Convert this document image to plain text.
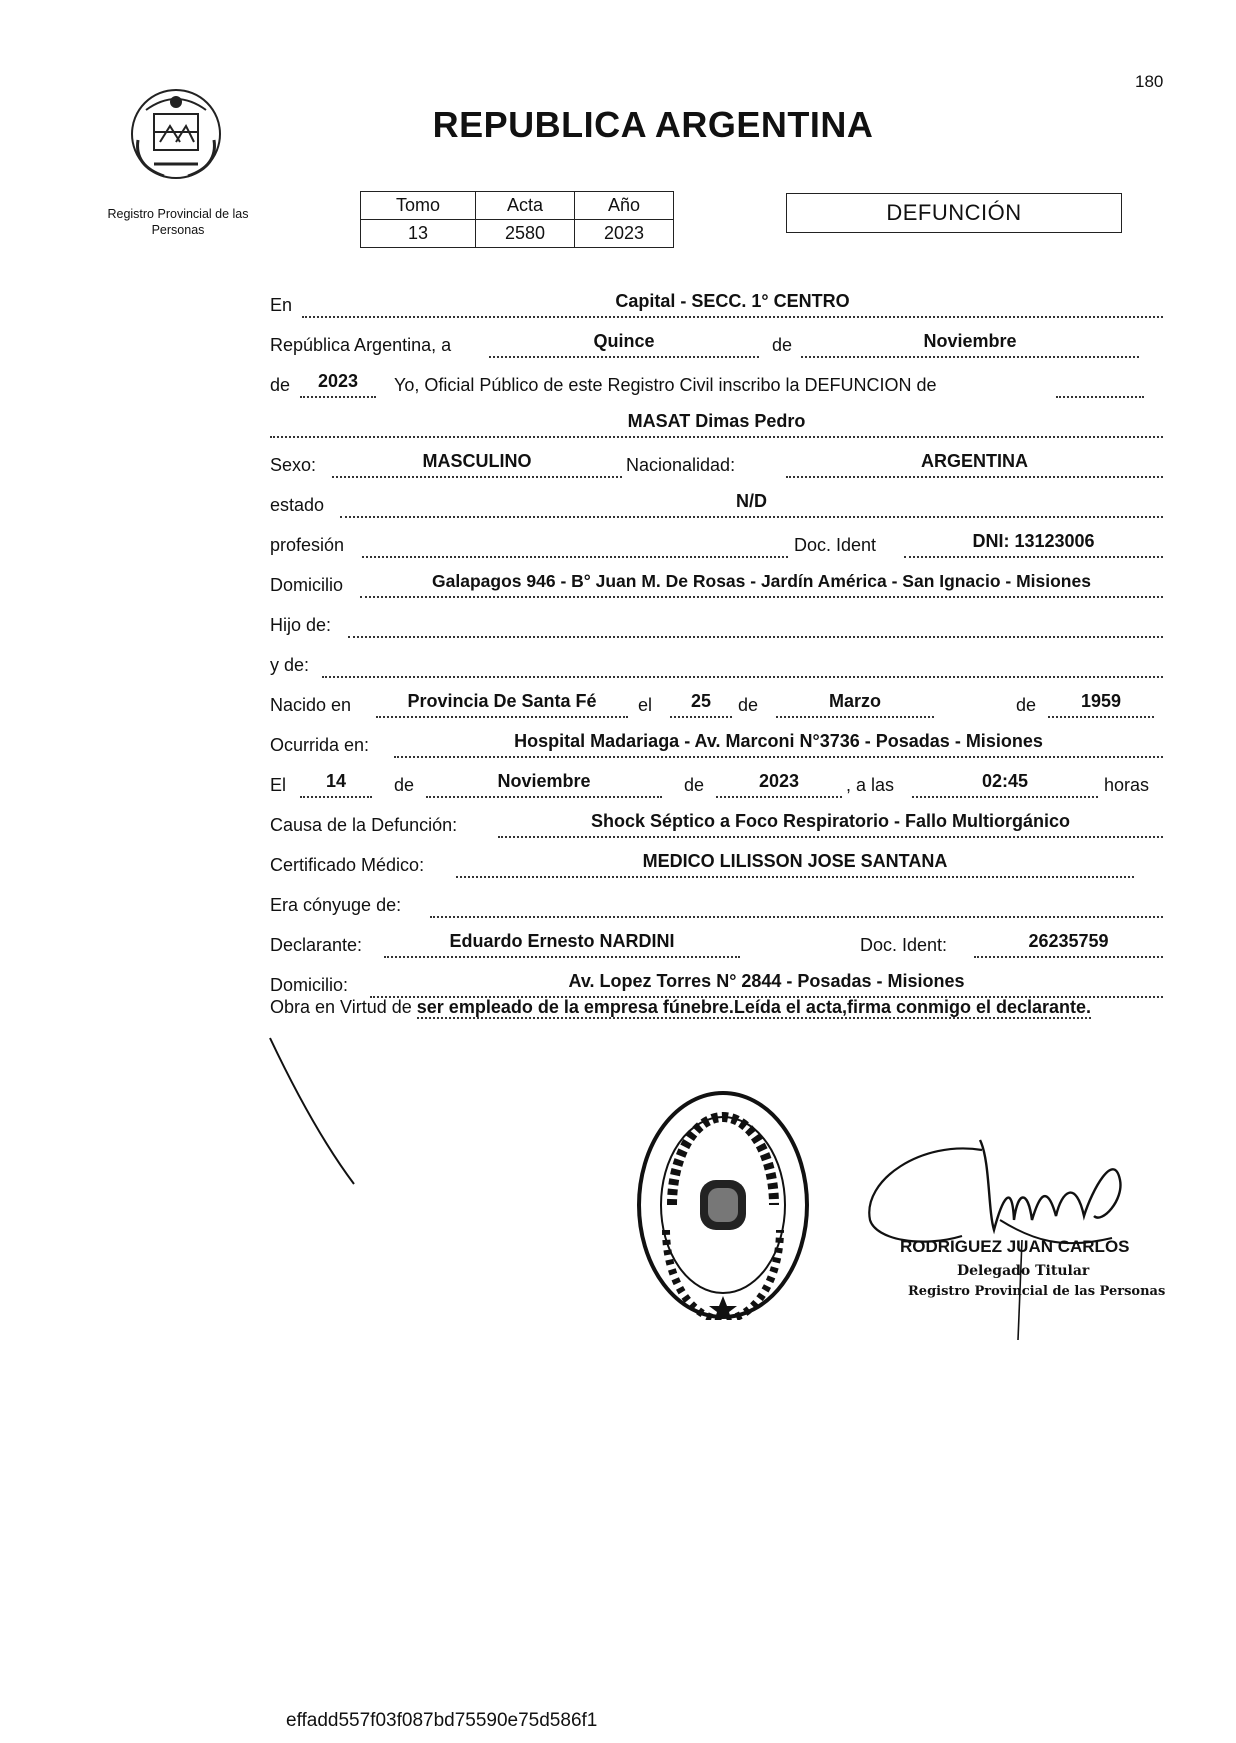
180
Registro Provincial de las Personas
REPUBLICA ARGENTINA
Tomo	Acta	Año
13	2580	2023
DEFUNCIÓN
En	Capital - SECC. 1° CENTRO
República Argentina, a	Quince	de	Noviembre
de	2023	Yo, Oficial Público de este Registro Civil inscribo la DEFUNCION de
MASAT Dimas Pedro
Sexo:	MASCULINO	Nacionalidad:	ARGENTINA
estado	N/D
profesión	Doc. Ident	DNI: 13123006
Domicilio	Galapagos 946 - B° Juan M. De Rosas - Jardín América - San Ignacio - Misiones
Hijo de:
y de:
Nacido en	Provincia De Santa Fé	el	25	de	Marzo	de	1959
Ocurrida en:	Hospital Madariaga - Av. Marconi N°3736 - Posadas - Misiones
El	14	de	Noviembre	de	2023	, a las	02:45	horas
Causa de la Defunción:	Shock Séptico a Foco Respiratorio - Fallo Multiorgánico
Certificado Médico:	MEDICO LILISSON JOSE SANTANA
Era cónyuge de:
Declarante:	Eduardo Ernesto NARDINI	Doc. Ident:	26235759
Domicilio:	Av. Lopez Torres N° 2844 - Posadas - Misiones
Obra en Virtud de ser empleado de la empresa fúnebre.Leída el acta,firma conmigo el declarante.
RODRIGUEZ JUAN CARLOS
Delegado Titular
Registro Provincial de las Personas
effadd557f03f087bd75590e75d586f1
